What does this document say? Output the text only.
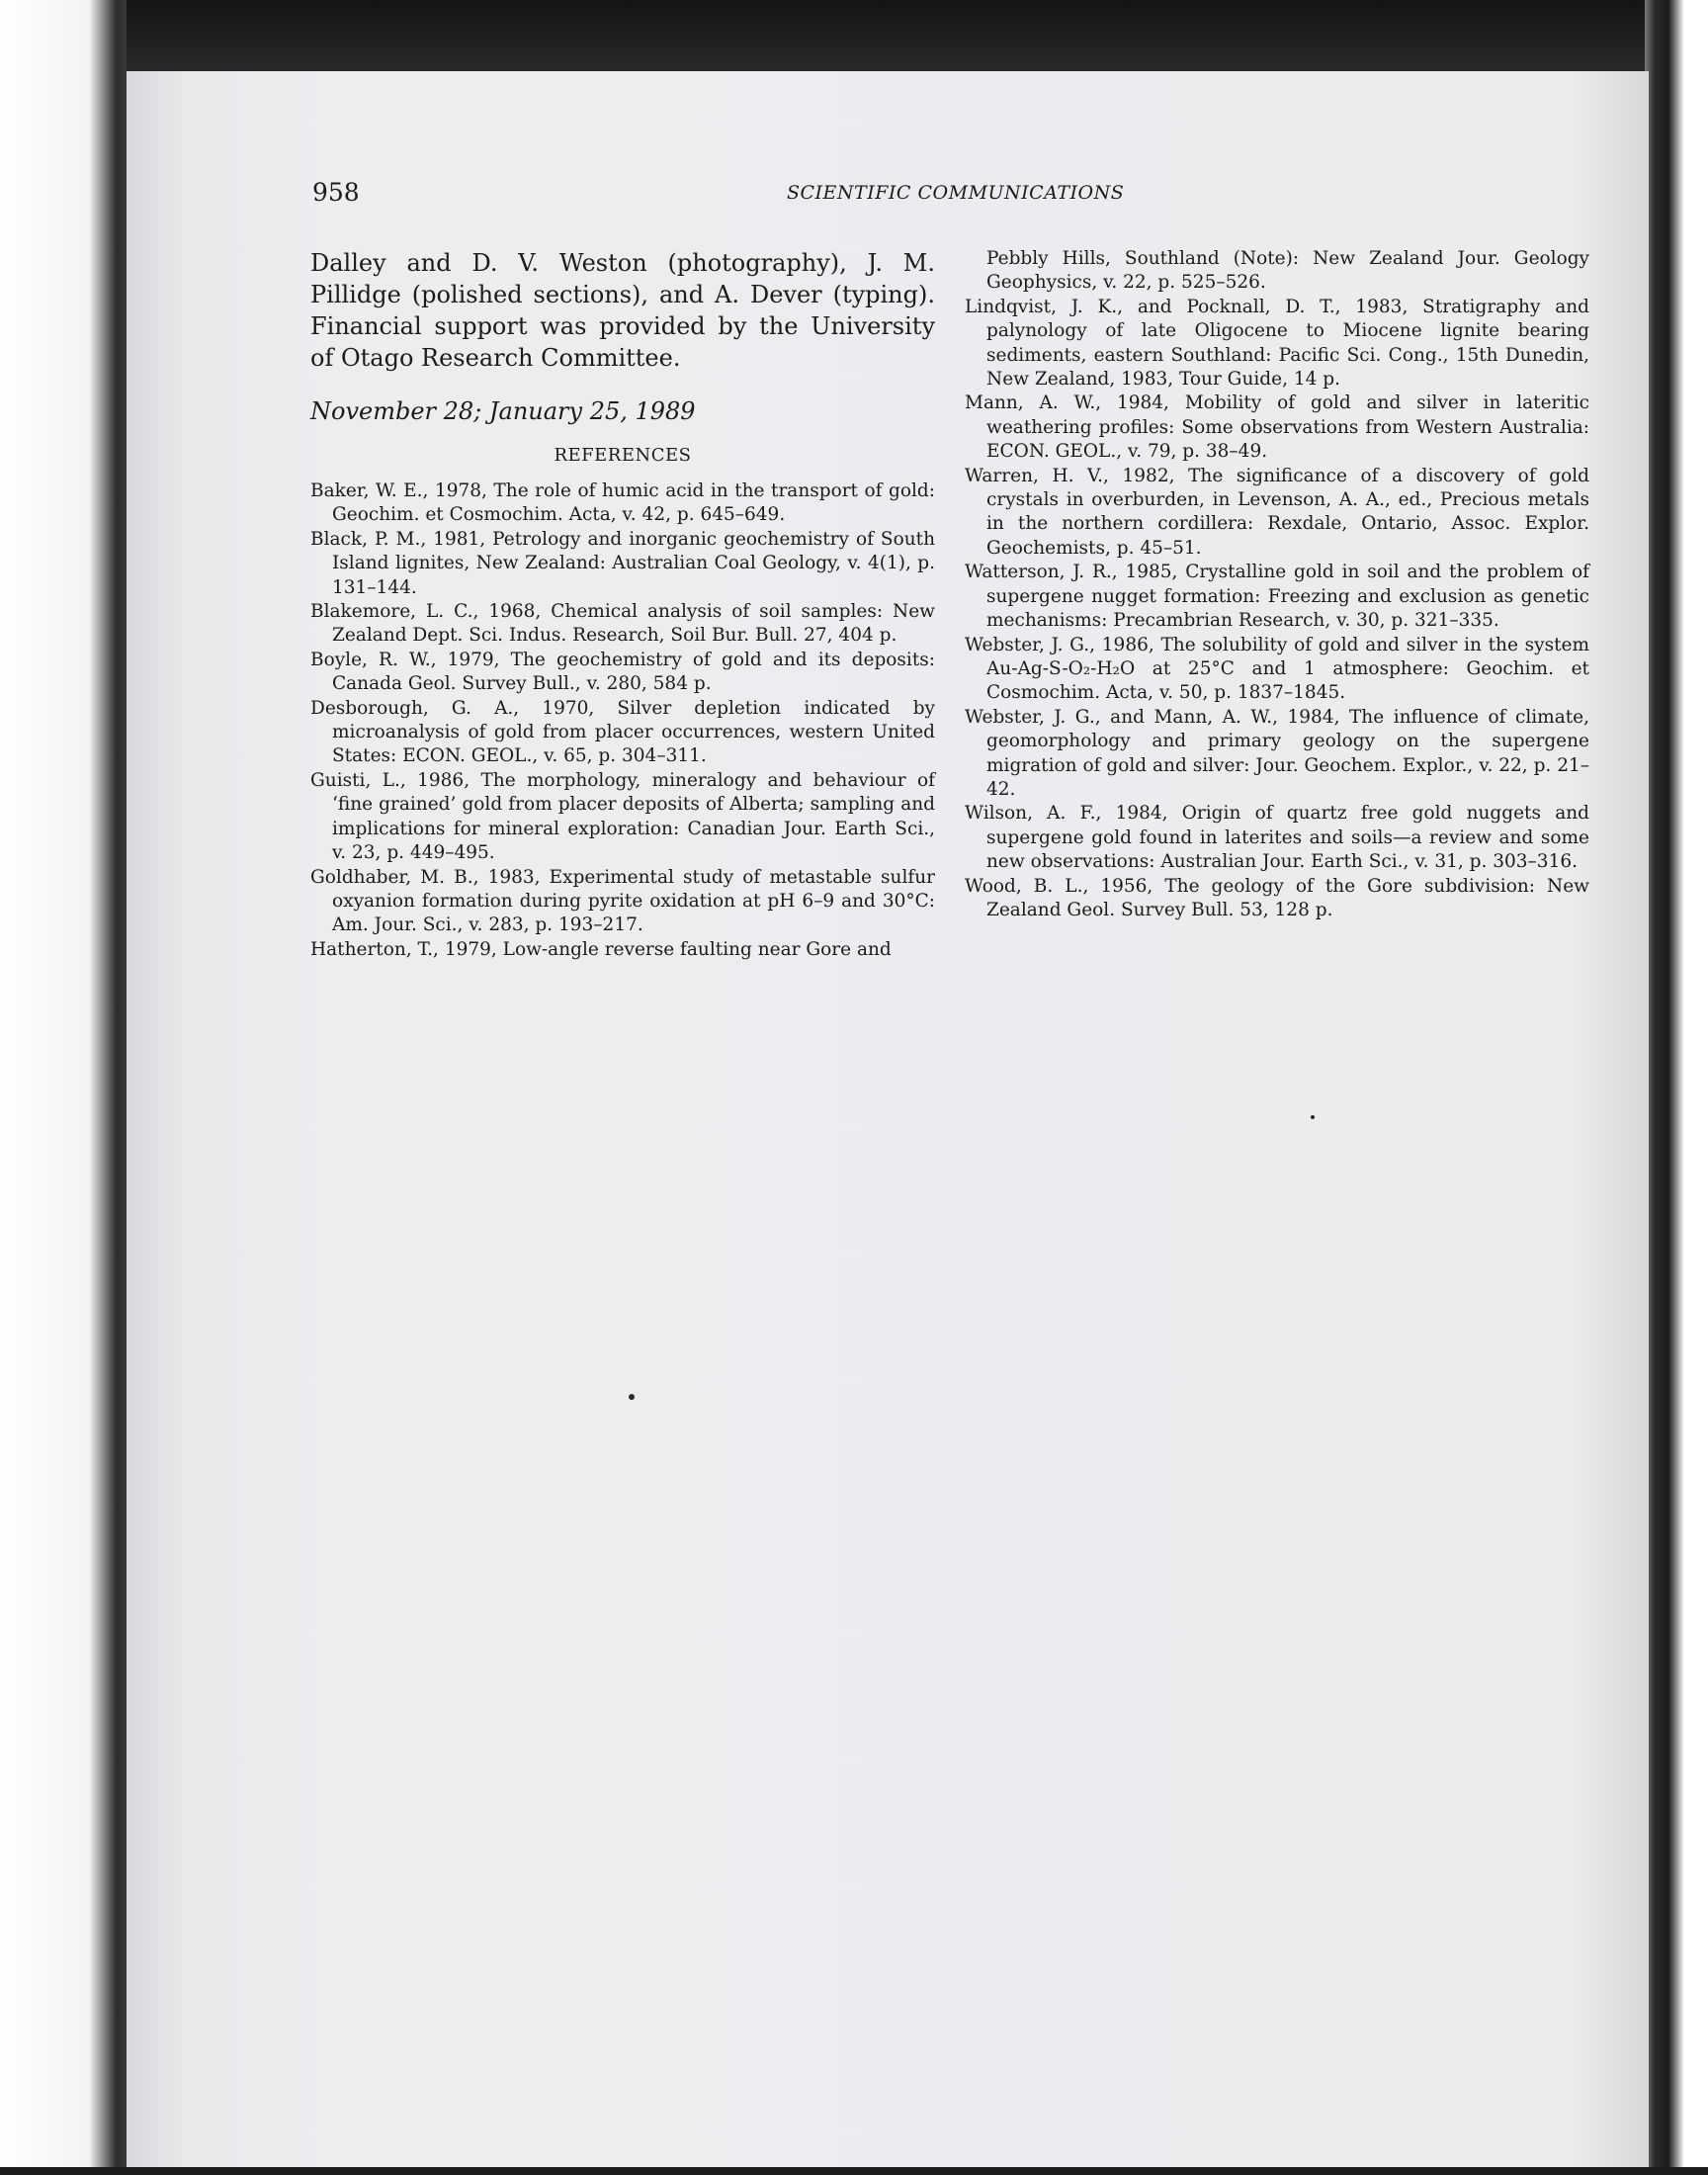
958	SCIENTIFIC COMMUNICATIONS

Dalley and D. V. Weston (photography), J. M. Pillidge (polished sections), and A. Dever (typing). Financial support was provided by the University of Otago Research Committee.

November 28; January 25, 1989

REFERENCES

Baker, W. E., 1978, The role of humic acid in the transport of gold: Geochim. et Cosmochim. Acta, v. 42, p. 645–649.

Black, P. M., 1981, Petrology and inorganic geochemistry of South Island lignites, New Zealand: Australian Coal Geology, v. 4(1), p. 131–144.

Blakemore, L. C., 1968, Chemical analysis of soil samples: New Zealand Dept. Sci. Indus. Research, Soil Bur. Bull. 27, 404 p.

Boyle, R. W., 1979, The geochemistry of gold and its deposits: Canada Geol. Survey Bull., v. 280, 584 p.

Desborough, G. A., 1970, Silver depletion indicated by microanalysis of gold from placer occurrences, western United States: ECON. GEOL., v. 65, p. 304–311.

Guisti, L., 1986, The morphology, mineralogy and behaviour of ‘fine grained’ gold from placer deposits of Alberta; sampling and implications for mineral exploration: Canadian Jour. Earth Sci., v. 23, p. 449–495.

Goldhaber, M. B., 1983, Experimental study of metastable sulfur oxyanion formation during pyrite oxidation at pH 6–9 and 30°C: Am. Jour. Sci., v. 283, p. 193–217.

Hatherton, T., 1979, Low-angle reverse faulting near Gore and

Pebbly Hills, Southland (Note): New Zealand Jour. Geology Geophysics, v. 22, p. 525–526.

Lindqvist, J. K., and Pocknall, D. T., 1983, Stratigraphy and palynology of late Oligocene to Miocene lignite bearing sediments, eastern Southland: Pacific Sci. Cong., 15th Dunedin, New Zealand, 1983, Tour Guide, 14 p.

Mann, A. W., 1984, Mobility of gold and silver in lateritic weathering profiles: Some observations from Western Australia: ECON. GEOL., v. 79, p. 38–49.

Warren, H. V., 1982, The significance of a discovery of gold crystals in overburden, in Levenson, A. A., ed., Precious metals in the northern cordillera: Rexdale, Ontario, Assoc. Explor. Geochemists, p. 45–51.

Watterson, J. R., 1985, Crystalline gold in soil and the problem of supergene nugget formation: Freezing and exclusion as genetic mechanisms: Precambrian Research, v. 30, p. 321–335.

Webster, J. G., 1986, The solubility of gold and silver in the system Au-Ag-S-O₂-H₂O at 25°C and 1 atmosphere: Geochim. et Cosmochim. Acta, v. 50, p. 1837–1845.

Webster, J. G., and Mann, A. W., 1984, The influence of climate, geomorphology and primary geology on the supergene migration of gold and silver: Jour. Geochem. Explor., v. 22, p. 21–42.

Wilson, A. F., 1984, Origin of quartz free gold nuggets and supergene gold found in laterites and soils—a review and some new observations: Australian Jour. Earth Sci., v. 31, p. 303–316.

Wood, B. L., 1956, The geology of the Gore subdivision: New Zealand Geol. Survey Bull. 53, 128 p.
